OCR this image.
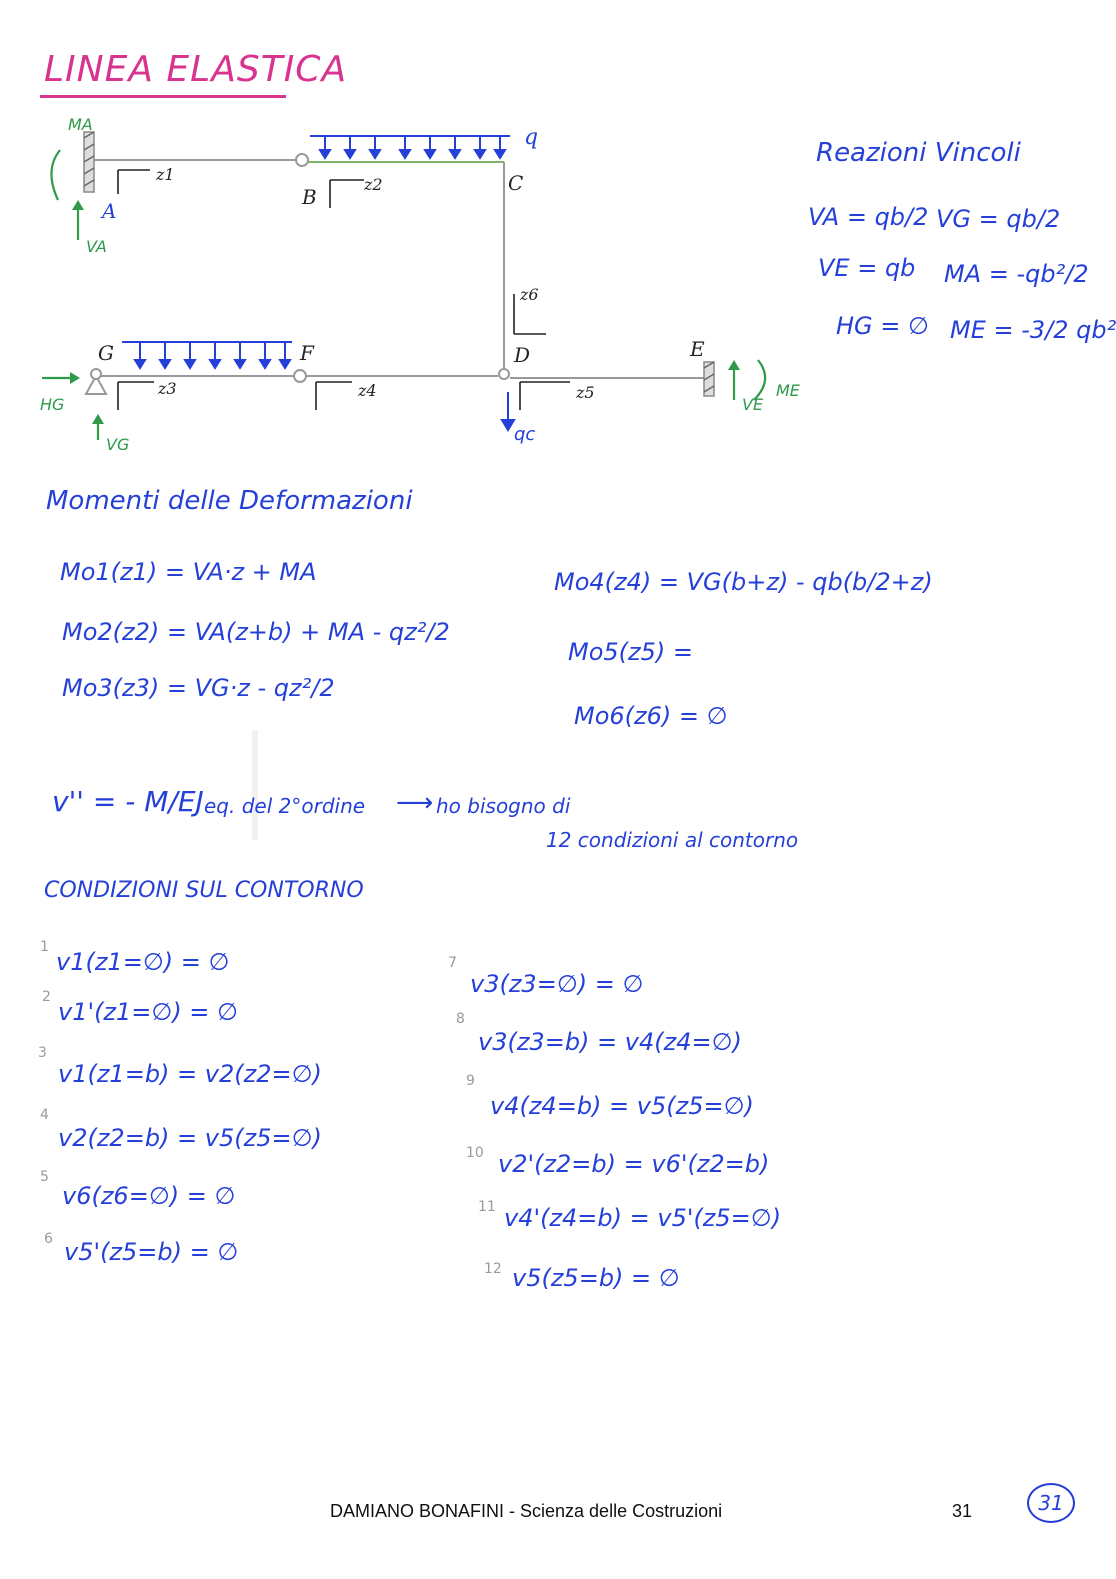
LINEA ELASTICA
q
z1
z2
z3	z4	z5
z6
A
B
C
D	E
F
G
MA
VA
HG
VG
VE
ME
qc
Reazioni Vincoli
VA = qb/2 VG = qb/2
VE = qb MA = -qb²/2
HG = ∅ ME = -3/2 qb²
Momenti delle Deformazioni
Mo1(z1) = VA·z + MA
Mo2(z2) = VA(z+b) + MA - qz²/2
Mo3(z3) = VG·z - qz²/2
Mo4(z4) = VG(b+z) - qb(b/2+z)
Mo5(z5) =
Mo6(z6) = ∅
v'' = - M/EJ eq. del 2°ordine ⟶ ho bisogno di
12 condizioni al contorno
CONDIZIONI SUL CONTORNO
1
v1(z1=∅) = ∅
2
v1'(z1=∅) = ∅
3
v1(z1=b) = v2(z2=∅)
4
v2(z2=b) = v5(z5=∅)
5
v6(z6=∅) = ∅
6 v5'(z5=b) = ∅
7
v3(z3=∅) = ∅
8
v3(z3=b) = v4(z4=∅)
9
v4(z4=b) = v5(z5=∅)
10 v2'(z2=b) = v6'(z2=b)
11 v4'(z4=b) = v5'(z5=∅)
12 v5(z5=b) = ∅
DAMIANO BONAFINI - Scienza delle Costruzioni	31	31
